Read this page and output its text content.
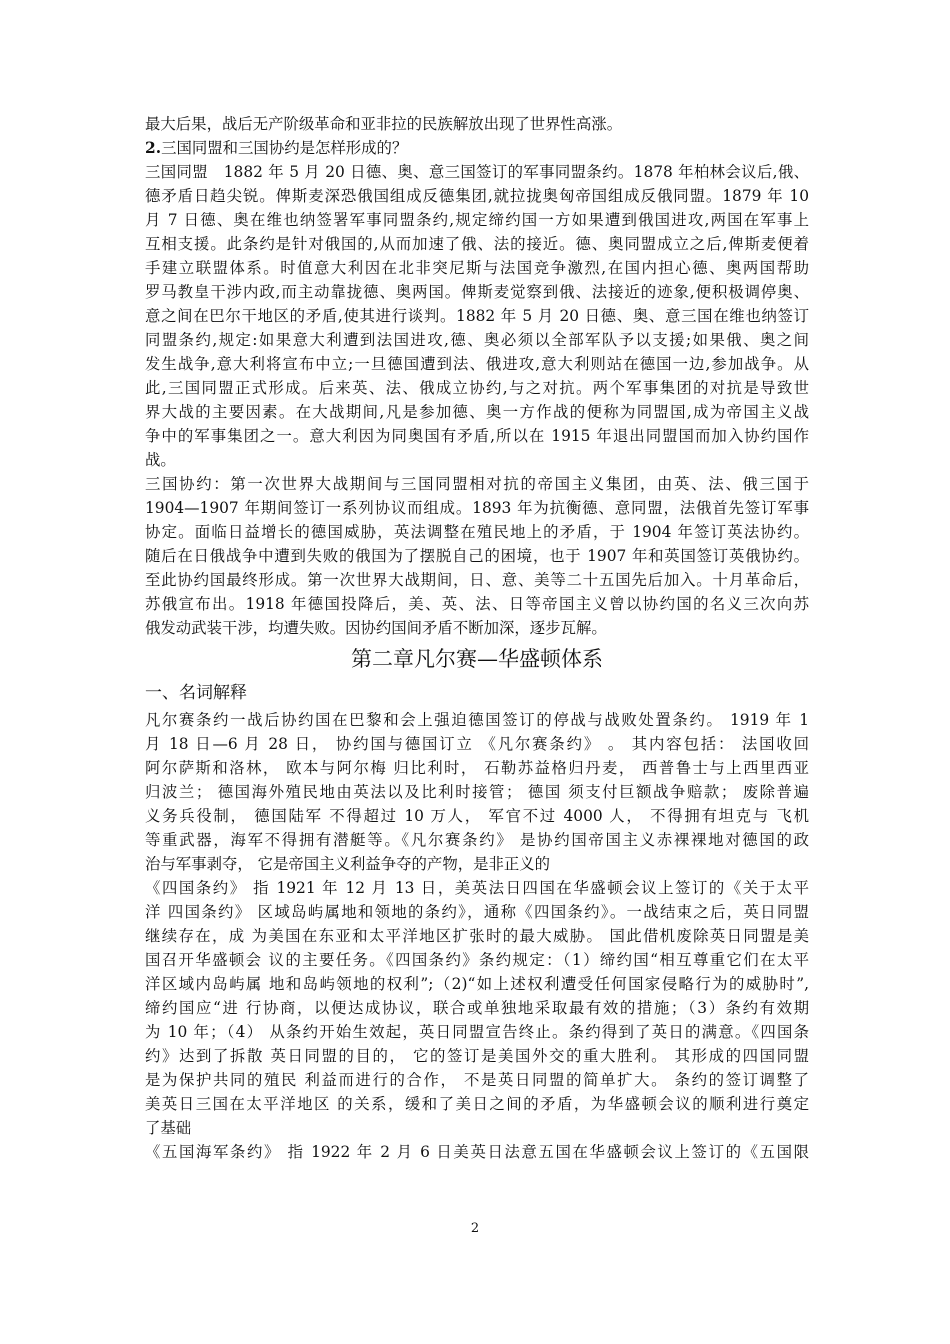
最大后果，战后无产阶级革命和亚非拉的民族解放出现了世界性高涨。
2.三国同盟和三国协约是怎样形成的？
三国同盟　1882 年 5 月 20 日德、奥、意三国签订的军事同盟条约。1878 年柏林会议后,俄、
德矛盾日趋尖锐。俾斯麦深恐俄国组成反德集团,就拉拢奥匈帝国组成反俄同盟。1879 年 10
月 7 日德、奥在维也纳签署军事同盟条约,规定缔约国一方如果遭到俄国进攻,两国在军事上
互相支援。此条约是针对俄国的,从而加速了俄、法的接近。德、奥同盟成立之后,俾斯麦便着
手建立联盟体系。时值意大利因在北非突尼斯与法国竞争激烈,在国内担心德、奥两国帮助
罗马教皇干涉内政,而主动靠拢德、奥两国。俾斯麦觉察到俄、法接近的迹象,便积极调停奥、
意之间在巴尔干地区的矛盾,使其进行谈判。1882 年 5 月 20 日德、奥、意三国在维也纳签订
同盟条约,规定:如果意大利遭到法国进攻,德、奥必须以全部军队予以支援;如果俄、奥之间
发生战争,意大利将宣布中立;一旦德国遭到法、俄进攻,意大利则站在德国一边,参加战争。从
此,三国同盟正式形成。后来英、法、俄成立协约,与之对抗。两个军事集团的对抗是导致世
界大战的主要因素。在大战期间,凡是参加德、奥一方作战的便称为同盟国,成为帝国主义战
争中的军事集团之一。意大利因为同奥国有矛盾,所以在 1915 年退出同盟国而加入协约国作
战。
三国协约：第一次世界大战期间与三国同盟相对抗的帝国主义集团，由英、法、俄三国于
1904—1907 年期间签订一系列协议而组成。1893 年为抗衡德、意同盟，法俄首先签订军事
协定。面临日益增长的德国威胁，英法调整在殖民地上的矛盾，于 1904 年签订英法协约。
随后在日俄战争中遭到失败的俄国为了摆脱自己的困境，也于 1907 年和英国签订英俄协约。
至此协约国最终形成。第一次世界大战期间，日、意、美等二十五国先后加入。十月革命后，
苏俄宣布出。1918 年德国投降后，美、英、法、日等帝国主义曾以协约国的名义三次向苏
俄发动武装干涉，均遭失败。因协约国间矛盾不断加深，逐步瓦解。
第二章凡尔赛—华盛顿体系
一、名词解释
凡尔赛条约一战后协约国在巴黎和会上强迫德国签订的停战与战败处置条约。 1919 年 1
月 18 日—6 月 28 日， 协约国与德国订立 《凡尔赛条约》 。 其内容包括： 法国收回
阿尔萨斯和洛林， 欧本与阿尔梅 归比利时， 石勒苏益格归丹麦， 西普鲁士与上西里西亚
归波兰； 德国海外殖民地由英法以及比利时接管； 德国 须支付巨额战争赔款； 废除普遍
义务兵役制， 德国陆军 不得超过 10 万人， 军官不过 4000 人， 不得拥有坦克与 飞机
等重武器，海军不得拥有潜艇等。《凡尔赛条约》 是协约国帝国主义赤裸裸地对德国的政
治与军事剥夺， 它是帝国主义利益争夺的产物，是非正义的
《四国条约》 指 1921 年 12 月 13 日，美英法日四国在华盛顿会议上签订的《关于太平
洋 四国条约》 区域岛屿属地和领地的条约》，通称《四国条约》。一战结束之后，英日同盟
继续存在，成 为美国在东亚和太平洋地区扩张时的最大威胁。 国此借机废除英日同盟是美
国召开华盛顿会 议的主要任务。《四国条约》条约规定：（1）缔约国“相互尊重它们在太平
洋区域内岛屿属 地和岛屿领地的权利”;（2)“如上述权利遭受任何国家侵略行为的威胁时”,
缔约国应“进 行协商，以便达成协议，联合或单独地采取最有效的措施；（3）条约有效期
为 10 年；（4） 从条约开始生效起，英日同盟宣告终止。条约得到了英日的满意。《四国条
约》达到了拆散 英日同盟的目的， 它的签订是美国外交的重大胜利。 其形成的四国同盟
是为保护共同的殖民 利益而进行的合作， 不是英日同盟的简单扩大。 条约的签订调整了
美英日三国在太平洋地区 的关系，缓和了美日之间的矛盾，为华盛顿会议的顺利进行奠定
了基础
《五国海军条约》 指 1922 年 2 月 6 日美英日法意五国在华盛顿会议上签订的《五国限
2
